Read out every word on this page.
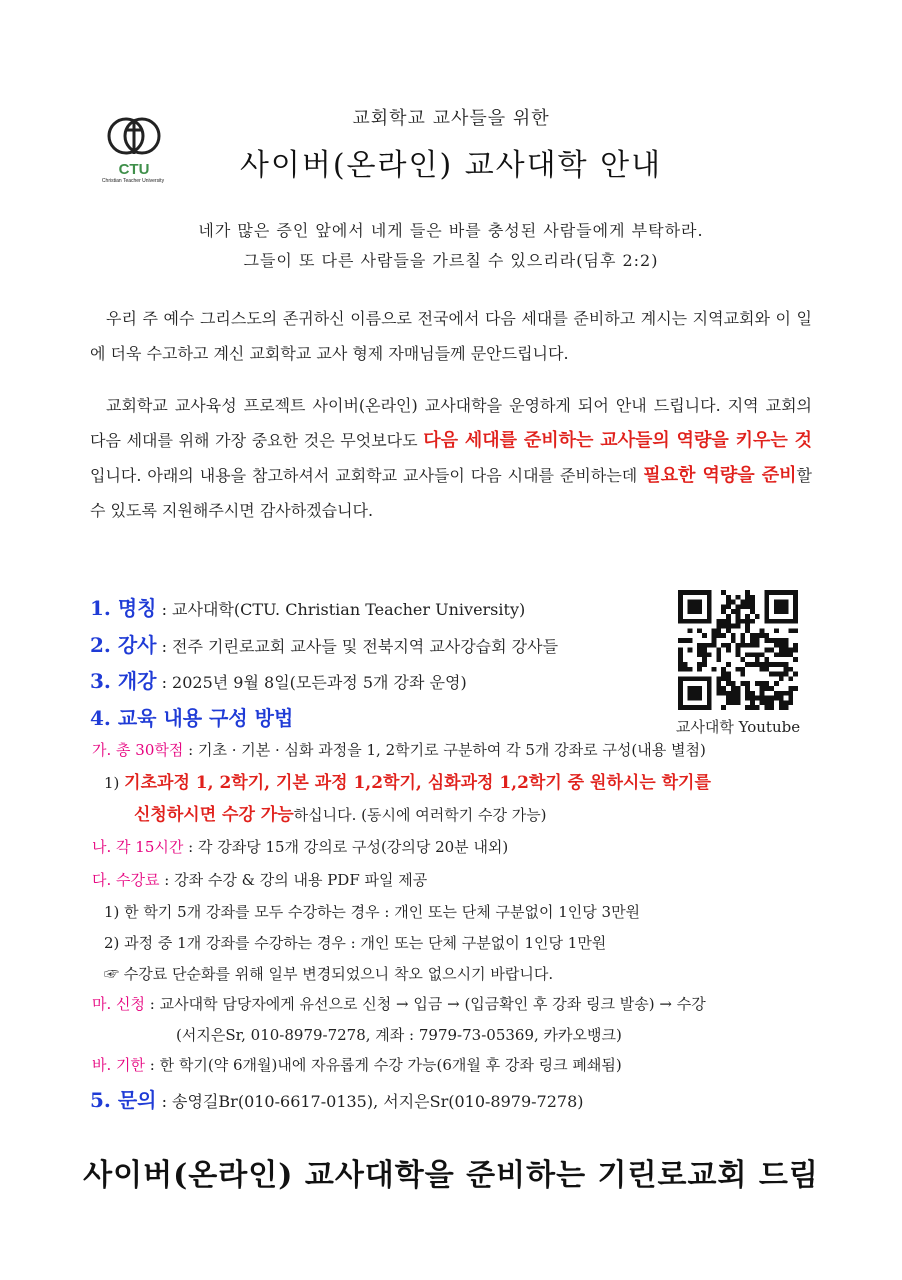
CTU
Christian Teacher University
교회학교 교사들을 위한
사이버(온라인) 교사대학 안내
네가 많은 증인 앞에서 네게 들은 바를 충성된 사람들에게 부탁하라.
그들이 또 다른 사람들을 가르칠 수 있으리라(딤후 2:2)
우리 주 예수 그리스도의 존귀하신 이름으로 전국에서 다음 세대를 준비하고 계시는 지역교회와 이 일에 더욱 수고하고 계신 교회학교 교사 형제 자매님들께 문안드립니다.
교회학교 교사육성 프로젝트 사이버(온라인) 교사대학을 운영하게 되어 안내 드립니다. 지역 교회의 다음 세대를 위해 가장 중요한 것은 무엇보다도 다음 세대를 준비하는 교사들의 역량을 키우는 것입니다. 아래의 내용을 참고하셔서 교회학교 교사들이 다음 시대를 준비하는데 필요한 역량을 준비할 수 있도록 지원해주시면 감사하겠습니다.
1. 명칭 : 교사대학(CTU. Christian Teacher University)
2. 강사 : 전주 기린로교회 교사들 및 전북지역 교사강습회 강사들
3. 개강 : 2025년 9월 8일(모든과정 5개 강좌 운영)
4. 교육 내용 구성 방법	교사대학 Youtube
가. 총 30학점 : 기초 · 기본 · 심화 과정을 1, 2학기로 구분하여 각 5개 강좌로 구성(내용 별첨)
1) 기초과정 1, 2학기, 기본 과정 1,2학기, 심화과정 1,2학기 중 원하시는 학기를
신청하시면 수강 가능하십니다. (동시에 여러학기 수강 가능)
나. 각 15시간 : 각 강좌당 15개 강의로 구성(강의당 20분 내외)
다. 수강료 : 강좌 수강 & 강의 내용 PDF 파일 제공
1) 한 학기 5개 강좌를 모두 수강하는 경우 : 개인 또는 단체 구분없이 1인당 3만원
2) 과정 중 1개 강좌를 수강하는 경우 : 개인 또는 단체 구분없이 1인당 1만원
☞ 수강료 단순화를 위해 일부 변경되었으니 착오 없으시기 바랍니다.
마. 신청 : 교사대학 담당자에게 유선으로 신청 → 입금 → (입금확인 후 강좌 링크 발송) → 수강
(서지은Sr, 010-8979-7278, 계좌 : 7979-73-05369, 카카오뱅크)
바. 기한 : 한 학기(약 6개월)내에 자유롭게 수강 가능(6개월 후 강좌 링크 폐쇄됨)
5. 문의 : 송영길Br(010-6617-0135), 서지은Sr(010-8979-7278)
사이버(온라인) 교사대학을 준비하는 기린로교회 드림
